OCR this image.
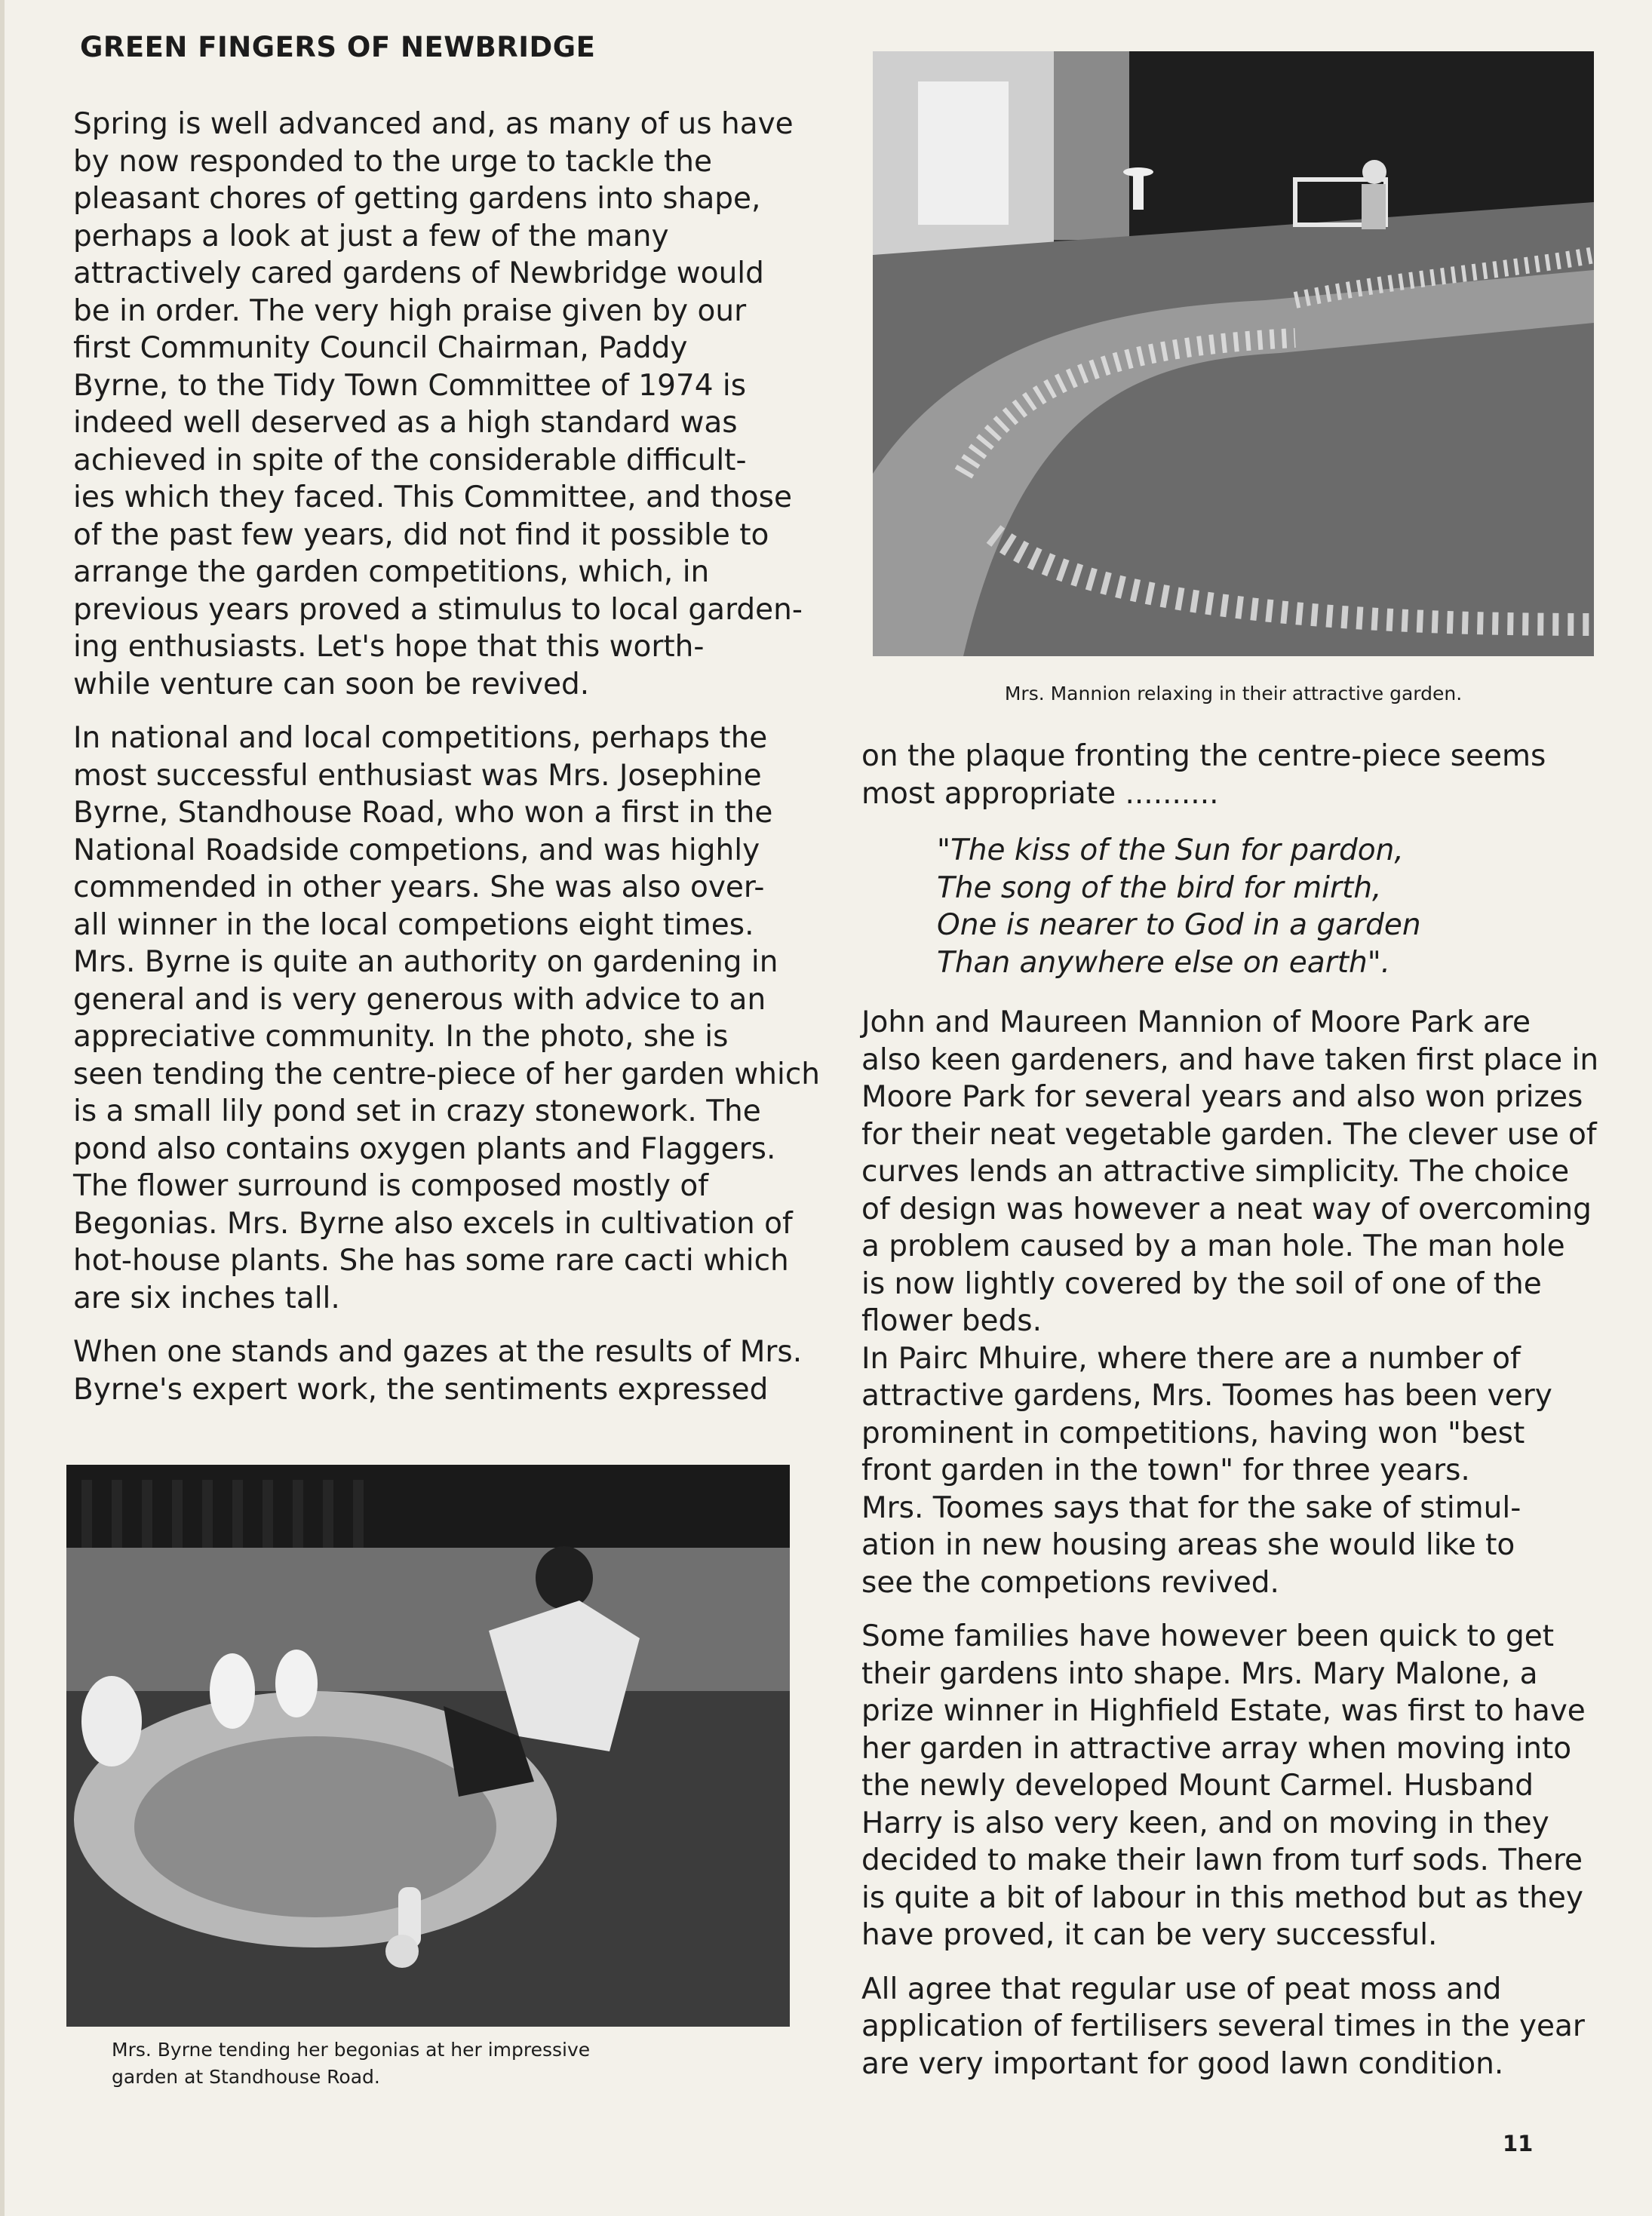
GREEN FINGERS OF NEWBRIDGE

Spring is well advanced and, as many of us have
by now responded to the urge to tackle the
pleasant chores of getting gardens into shape,
perhaps a look at just a few of the many
attractively cared gardens of Newbridge would
be in order. The very high praise given by our
first Community Council Chairman, Paddy
Byrne, to the Tidy Town Committee of 1974 is
indeed well deserved as a high standard was
achieved in spite of the considerable difficult-
ies which they faced. This Committee, and those
of the past few years, did not find it possible to
arrange the garden competitions, which, in
previous years proved a stimulus to local garden-
ing enthusiasts. Let's hope that this worth-
while venture can soon be revived.

In national and local competitions, perhaps the
most successful enthusiast was Mrs. Josephine
Byrne, Standhouse Road, who won a first in the
National Roadside competions, and was highly
commended in other years. She was also over-
all winner in the local competions eight times.
Mrs. Byrne is quite an authority on gardening in
general and is very generous with advice to an
appreciative community. In the photo, she is
seen tending the centre-piece of her garden which
is a small lily pond set in crazy stonework. The
pond also contains oxygen plants and Flaggers.
The flower surround is composed mostly of
Begonias. Mrs. Byrne also excels in cultivation of
hot-house plants. She has some rare cacti which
are six inches tall.

When one stands and gazes at the results of Mrs.
Byrne's expert work, the sentiments expressed

Mrs. Mannion relaxing in their attractive garden.

on the plaque fronting the centre-piece seems
most appropriate ..........

"The kiss of the Sun for pardon,
The song of the bird for mirth,
One is nearer to God in a garden
Than anywhere else on earth".

John and Maureen Mannion of Moore Park are
also keen gardeners, and have taken first place in
Moore Park for several years and also won prizes
for their neat vegetable garden. The clever use of
curves lends an attractive simplicity. The choice
of design was however a neat way of overcoming
a problem caused by a man hole. The man hole
is now lightly covered by the soil of one of the
flower beds.

In Pairc Mhuire, where there are a number of
attractive gardens, Mrs. Toomes has been very
prominent in competitions, having won "best
front garden in the town" for three years.
Mrs. Toomes says that for the sake of stimul-
ation in new housing areas she would like to
see the competions revived.

Some families have however been quick to get
their gardens into shape. Mrs. Mary Malone, a
prize winner in Highfield Estate, was first to have
her garden in attractive array when moving into
the newly developed Mount Carmel. Husband
Harry is also very keen, and on moving in they
decided to make their lawn from turf sods. There
is quite a bit of labour in this method but as they
have proved, it can be very successful.

All agree that regular use of peat moss and
application of fertilisers several times in the year
are very important for good lawn condition.

Mrs. Byrne tending her begonias at her impressive
garden at Standhouse Road.
11
